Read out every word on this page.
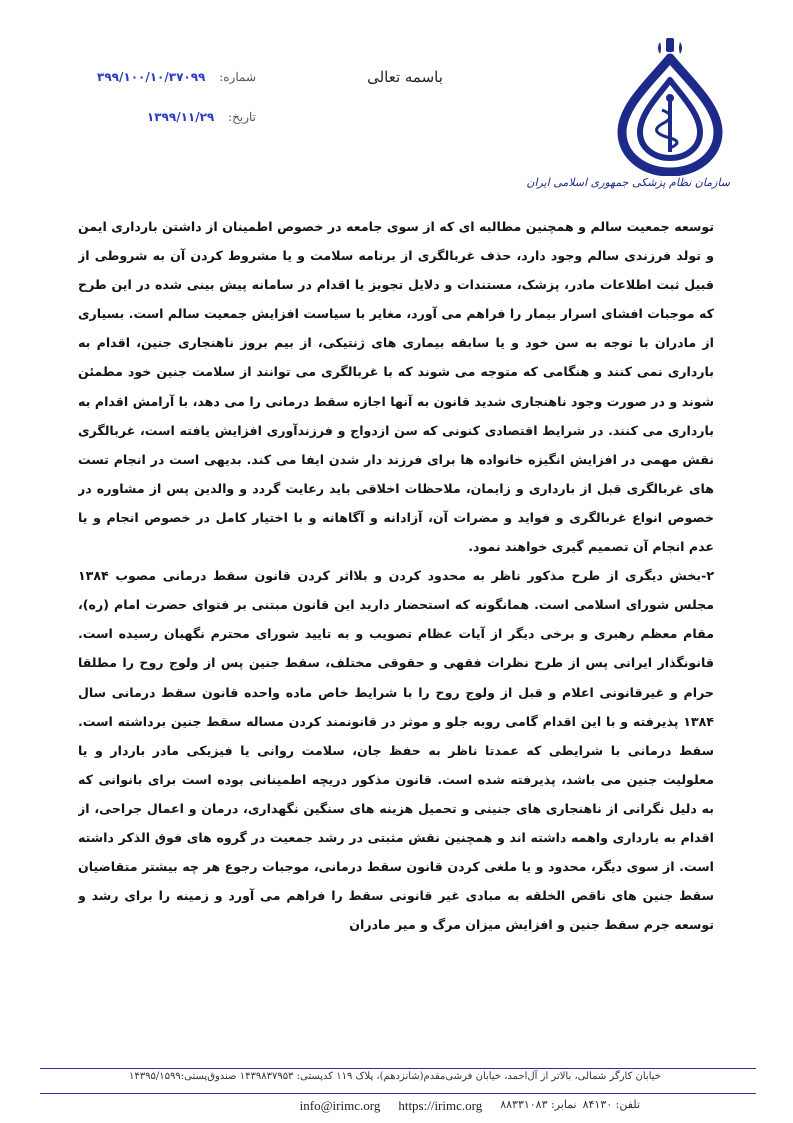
سازمان نظام پزشکی جمهوری اسلامی ایران
باسمه تعالی
شماره: ۳۹۹/۱۰۰/۱۰/۳۷۰۹۹
تاریخ: ۱۳۹۹/۱۱/۲۹

توسعه جمعیت سالم و همچنین مطالبه ای که از سوی جامعه در خصوص اطمینان از داشتن بارداری ایمن و تولد فرزندی سالم وجود دارد، حذف غربالگری از برنامه سلامت و یا مشروط کردن آن به شروطی از قبیل ثبت اطلاعات مادر، پزشک، مستندات و دلایل تجویز یا اقدام در سامانه پیش بینی شده در این طرح که موجبات افشای اسرار بیمار را فراهم می آورد، مغایر با سیاست افزایش جمعیت سالم است. بسیاری از مادران با توجه به سن خود و یا سابقه بیماری های ژنتیکی، از بیم بروز ناهنجاری جنین، اقدام به بارداری نمی کنند و هنگامی که متوجه می شوند که با غربالگری می توانند از سلامت جنین خود مطمئن شوند و در صورت وجود ناهنجاری شدید قانون به آنها اجازه سقط درمانی را می دهد، با آرامش اقدام به بارداری می کنند. در شرایط اقتصادی کنونی که سن ازدواج و فرزندآوری افزایش یافته است، غربالگری نقش مهمی در افزایش انگیزه خانواده ها برای فرزند دار شدن ایفا می کند. بدیهی است در انجام تست های غربالگری قبل از بارداری و زایمان، ملاحظات اخلاقی باید رعایت گردد و والدین پس از مشاوره در خصوص انواع غربالگری و فواید و مضرات آن، آزادانه و آگاهانه و با اختیار کامل در خصوص انجام و یا عدم انجام آن تصمیم گیری خواهند نمود.

۲-بخش دیگری از طرح مذکور ناظر به محدود کردن و بلااثر کردن قانون سقط درمانی مصوب ۱۳۸۴ مجلس شورای اسلامی است. همانگونه که استحضار دارید این قانون مبتنی بر فتوای حضرت امام (ره)، مقام معظم رهبری و برخی دیگر از آیات عظام تصویب و به تایید شورای محترم نگهبان رسیده است. قانونگذار ایرانی پس از طرح نظرات فقهی و حقوقی مختلف، سقط جنین پس از ولوج روح را مطلقا حرام و غیرقانونی اعلام و قبل از ولوج روح را با شرایط خاص ماده واحده قانون سقط درمانی سال ۱۳۸۴ پذیرفته و با این اقدام گامی روبه جلو و موثر در قانونمند کردن مساله سقط جنین برداشته است. سقط درمانی با شرایطی که عمدتا ناظر به حفظ جان، سلامت روانی یا فیزیکی مادر باردار و یا معلولیت جنین می باشد، پذیرفته شده است. قانون مذکور دریچه اطمینانی بوده است برای بانوانی که به دلیل نگرانی از ناهنجاری های جنینی و تحمیل هزینه های سنگین نگهداری، درمان و اعمال جراحی، از اقدام به بارداری واهمه داشته اند و همچنین نقش مثبتی در رشد جمعیت در گروه های فوق الذکر داشته است. از سوی دیگر، محدود و یا ملغی کردن قانون سقط درمانی، موجبات رجوع هر چه بیشتر متقاضیان سقط جنین های ناقص الخلقه به مبادی غیر قانونی سقط را فراهم می آورد و زمینه را برای رشد و توسعه جرم سقط جنین و افزایش میزان مرگ و میر مادران

خیابان کارگر شمالی، بالاتر از آل‌احمد، خیابان فرشی‌مقدم(شانزدهم)، پلاک ۱۱۹ کدپستی: ۱۴۳۹۸۳۷۹۵۳ صندوق‌پستی:۱۴۳۹۵/۱۵۹۹
تلفن: ۸۴۱۳۰
نمابر: ۸۸۳۳۱۰۸۳
https://irimc.org
info@irimc.org
